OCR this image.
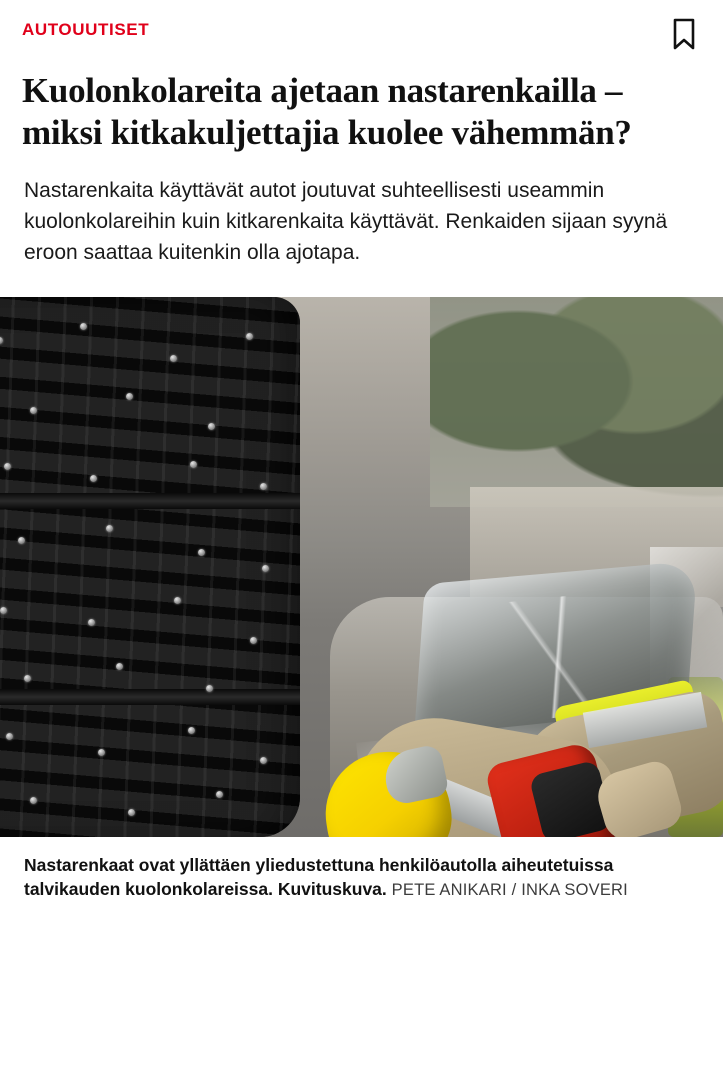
AUTOUUTISET
Kuolonkolareita ajetaan nastarenkailla – miksi kitkakuljettajia kuolee vähemmän?

Nastarenkaita käyttävät autot joutuvat suhteellisesti useammin kuolonkolareihin kuin kitkarenkaita käyttävät. Renkaiden sijaan syynä eroon saattaa kuitenkin olla ajotapa.

Nastarenkaat ovat yllättäen yliedustettuna henkilöautolla aiheutetuissa talvikauden kuolonkolareissa. Kuvituskuva. PETE ANIKARI / INKA SOVERI
